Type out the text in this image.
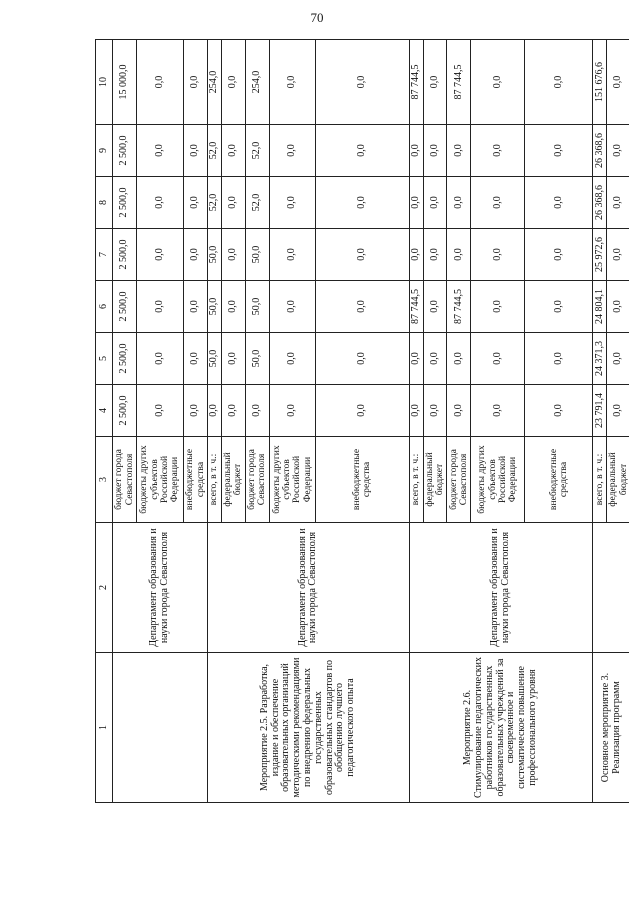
70
1	2	3	4	5	6	7	8	9	10
	Департамент образования и науки города Севастополя	бюджет города Севастополя	2 500,0	2 500,0	2 500,0	2 500,0	2 500,0	2 500,0	15 000,0
		бюджеты других субъектов Российской Федерации	0,0	0,0	0,0	0,0	0,0	0,0	0,0
		внебюджетные средства	0,0	0,0	0,0	0,0	0,0	0,0	0,0
Мероприятие 2.5. Разработка, издание и обеспечение образовательных организаций методическими рекомендациями по внедрению федеральных государственных образовательных стандартов по обобщению лучшего педагогического опыта	Департамент образования и науки города Севастополя	всего, в т. ч.:	0,0	50,0	50,0	50,0	52,0	52,0	254,0
		федеральный бюджет	0,0	0,0	0,0	0,0	0,0	0,0	0,0
		бюджет города Севастополя	0,0	50,0	50,0	50,0	52,0	52,0	254,0
		бюджеты других субъектов Российской Федерации	0,0	0,0	0,0	0,0	0,0	0,0	0,0
		внебюджетные средства	0,0	0,0	0,0	0,0	0,0	0,0	0,0
Мероприятие 2.6. Стимулирование педагогических работников государственных образовательных учреждений за своевременное и систематическое повышение профессионального уровня	Департамент образования и науки города Севастополя	всего, в т. ч.:	0,0	0,0	87 744,5	0,0	0,0	0,0	87 744,5
		федеральный бюджет	0,0	0,0	0,0	0,0	0,0	0,0	0,0
		бюджет города Севастополя	0,0	0,0	87 744,5	0,0	0,0	0,0	87 744,5
		бюджеты других субъектов Российской Федерации	0,0	0,0	0,0	0,0	0,0	0,0	0,0
		внебюджетные средства	0,0	0,0	0,0	0,0	0,0	0,0	0,0
Основное мероприятие 3. Реализация программ		всего, в т. ч.:	23 791,4	24 371,3	24 804,1	25 972,6	26 368,6	26 368,6	151 676,6
		федеральный бюджет	0,0	0,0	0,0	0,0	0,0	0,0	0,0
